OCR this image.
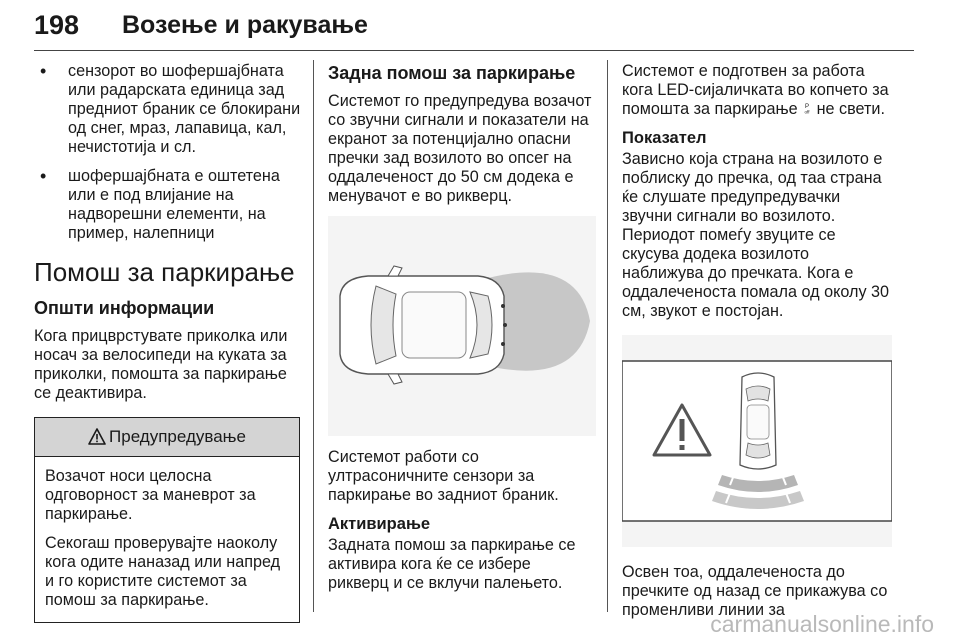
198 Возење и ракување
• сензорот во шофершајбната или радарската единица зад предниот браник се блокирани од снег, мраз, лапавица, кал, нечистотија и сл.
• шофершајбната е оштетена или е под влијание на надворешни елементи, на пример, налепници
Помош за паркирање
Општи информации

Кога прицврстувате приколка или носач за велосипеди на куката за приколки, помошта за паркирање се деактивира.

Предупредување

Возачот носи целосна одговорност за маневрот за паркирање.

Секогаш проверувајте наоколу кога одите наназад или напред и го користите системот за помош за паркирање.

Задна помош за паркирање

Системот го предупредува возачот со звучни сигнали и показатели на екранот за потенцијално опасни пречки зад возилото во опсег на оддалеченост до 50 см додека е менувачот е во рикверц.

Системот работи со ултрасоничните сензори за паркирање во задниот браник.

Активирање

Задната помош за паркирање се активира кога ќе се избере рикверц и се вклучи палењето.

Системот е подготвен за работа кога LED-сијаличката во копчето за помошта за паркирање P
off не свети.

Показател

Зависно која страна на возилото е поблиску до пречка, од таа страна ќе слушате предупредувачки звучни сигнали во возилото. Периодот помеѓу звуците се скусува додека возилото наближува до пречката. Кога е оддалеченоста помала од околу 30 см, звукот е постојан.

Освен тоа, оддалеченоста до пречките од назад се прикажува со променливи линии за

carmanualsonline.info
